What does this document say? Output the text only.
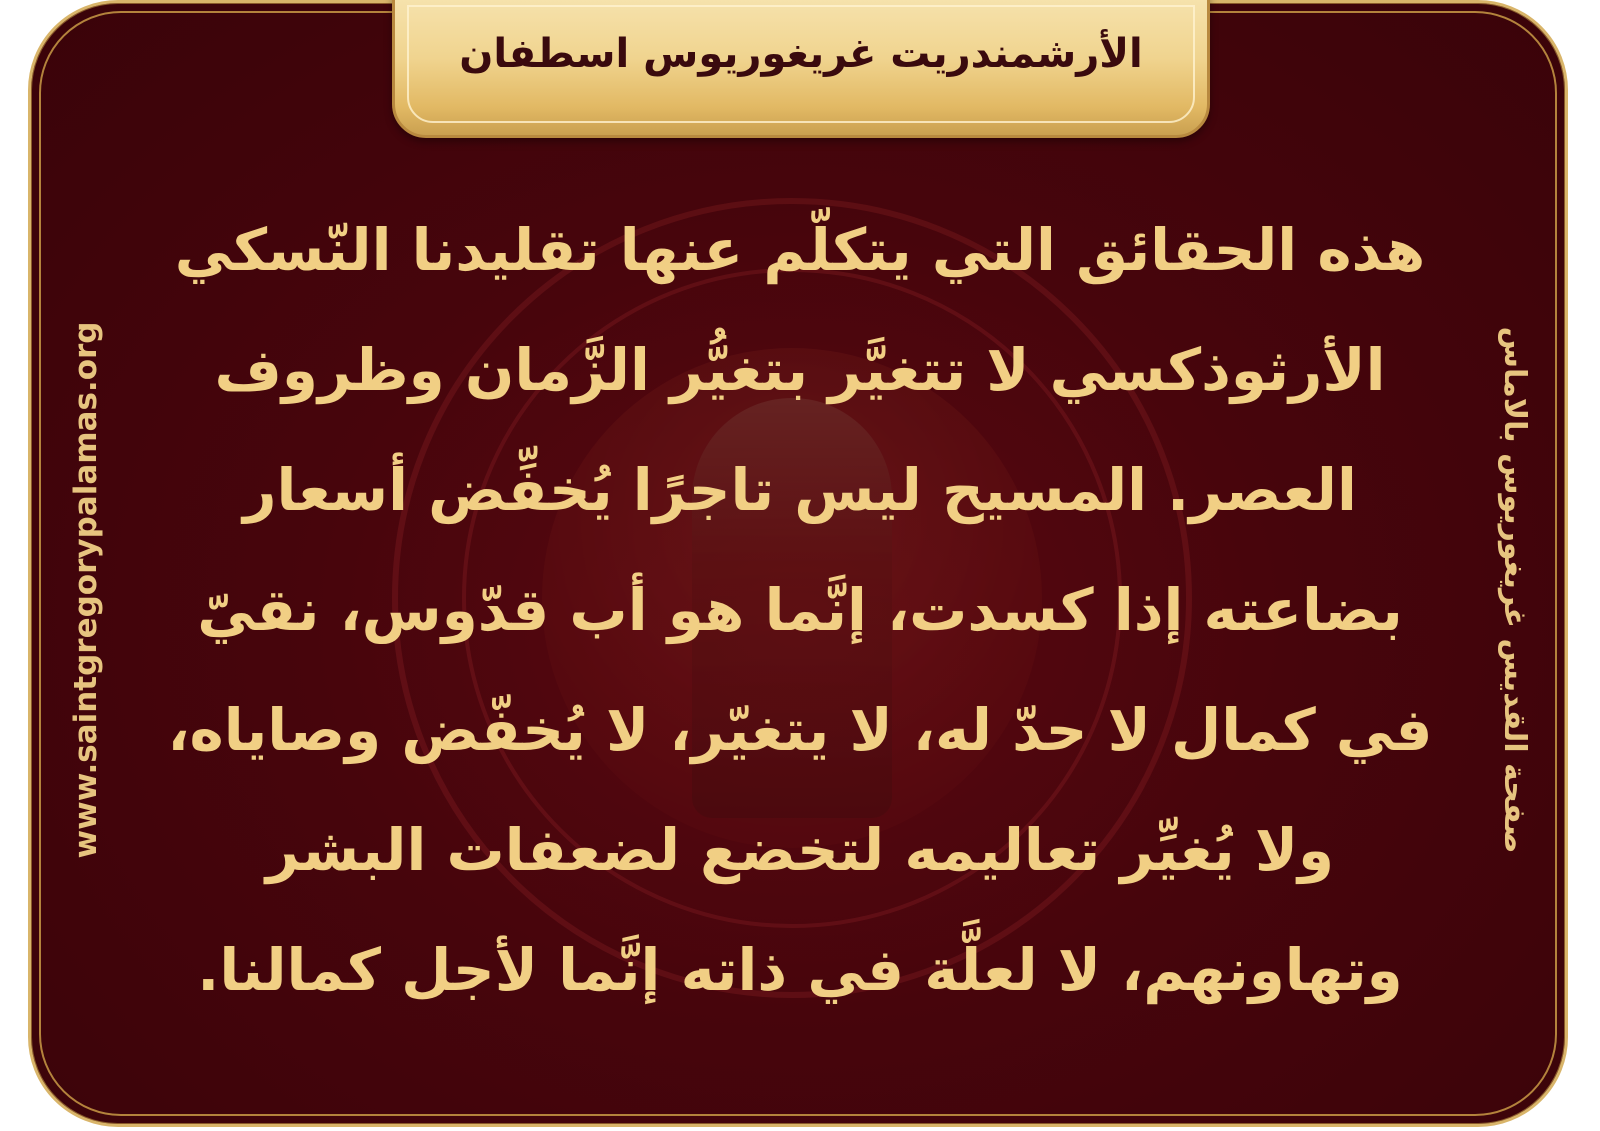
الأرشمندريت غريغوريوس اسطفان
هذه الحقائق التي يتكلّم عنها تقليدنا النّسكي
الأرثوذكسي لا تتغيَّر بتغيُّر الزَّمان وظروف
العصر. المسيح ليس تاجرًا يُخفِّض أسعار
بضاعته إذا كسدت، إنَّما هو أب قدّوس، نقيّ
في كمال لا حدّ له، لا يتغيّر، لا يُخفّض وصاياه،
ولا يُغيِّر تعاليمه لتخضع لضعفات البشر
وتهاونهم، لا لعلَّة في ذاته إنَّما لأجل كمالنا.
www.saintgregorypalamas.org	صفحة القديس غريغوريوس بالاماس
